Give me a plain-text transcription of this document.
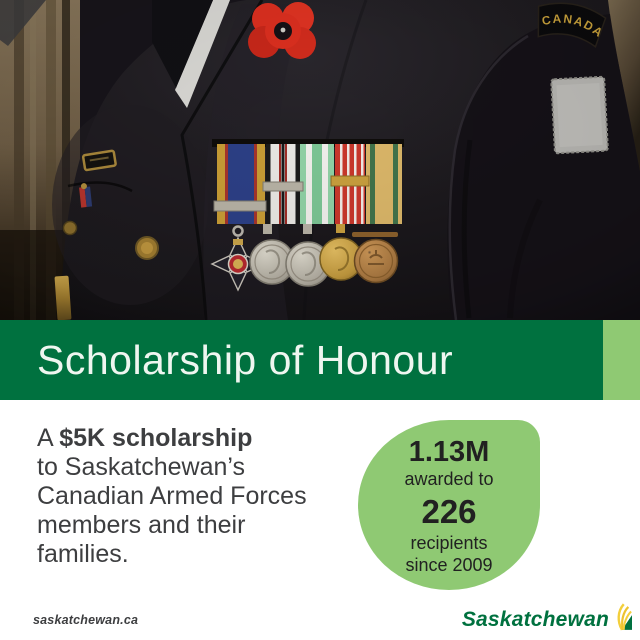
Scholarship of Honour
A $5K scholarship
to Saskatchewan’s
Canadian Armed Forces
members and their
families.
1.13M
awarded to
226
recipients
since 2009
saskatchewan.ca	Saskatchewan
